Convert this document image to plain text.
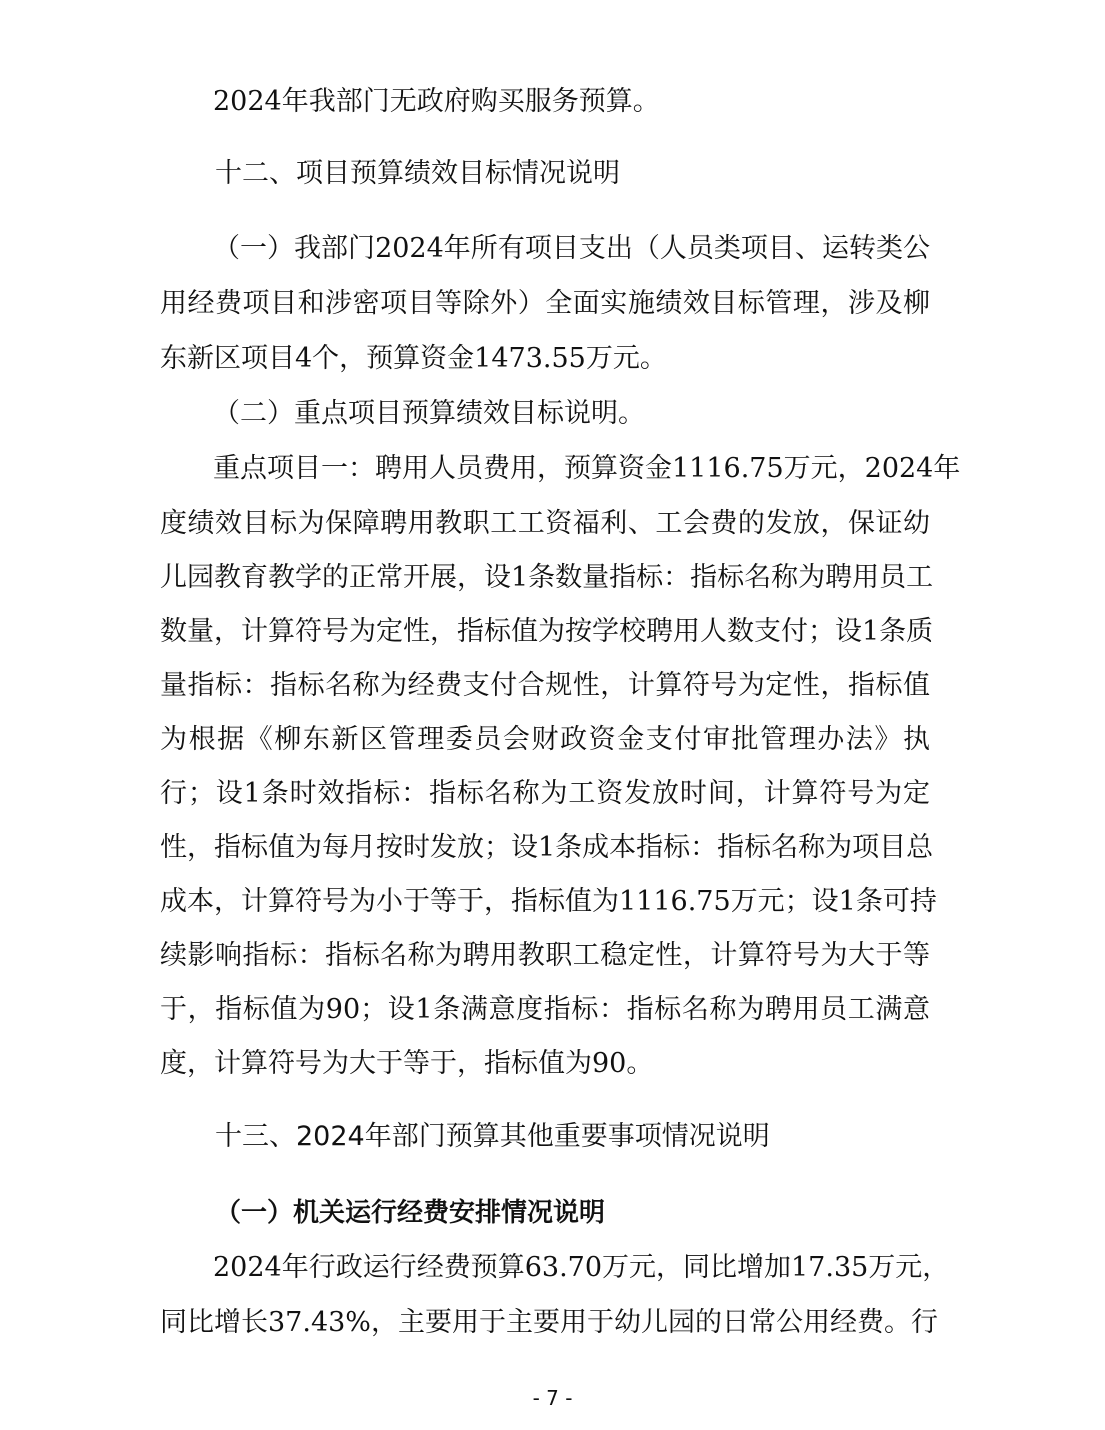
2024年我部门无政府购买服务预算。
十二、项目预算绩效目标情况说明
（一）我部门2024年所有项目支出（人员类项目、运转类公
用经费项目和涉密项目等除外）全面实施绩效目标管理，涉及柳
东新区项目4个，预算资金1473.55万元。
（二）重点项目预算绩效目标说明。
重点项目一：聘用人员费用，预算资金1116.75万元，2024年
度绩效目标为保障聘用教职工工资福利、工会费的发放，保证幼
儿园教育教学的正常开展，设1条数量指标：指标名称为聘用员工
数量，计算符号为定性，指标值为按学校聘用人数支付；设1条质
量指标：指标名称为经费支付合规性，计算符号为定性，指标值
为根据《柳东新区管理委员会财政资金支付审批管理办法》执
行；设1条时效指标：指标名称为工资发放时间，计算符号为定
性，指标值为每月按时发放；设1条成本指标：指标名称为项目总
成本，计算符号为小于等于，指标值为1116.75万元；设1条可持
续影响指标：指标名称为聘用教职工稳定性，计算符号为大于等
于，指标值为90；设1条满意度指标：指标名称为聘用员工满意
度，计算符号为大于等于，指标值为90。
十三、2024年部门预算其他重要事项情况说明
（一）机关运行经费安排情况说明
2024年行政运行经费预算63.70万元，同比增加17.35万元，
同比增长37.43%，主要用于主要用于幼儿园的日常公用经费。行
- 7 -
